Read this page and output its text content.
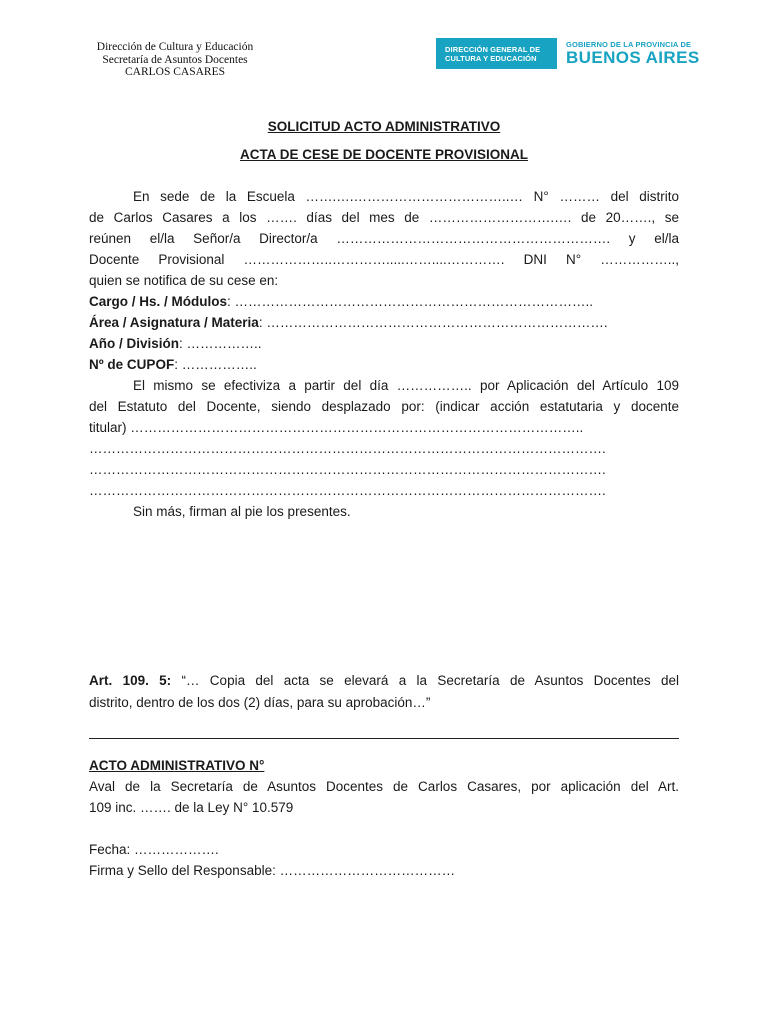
Dirección de Cultura y Educación
Secretaría de Asuntos Docentes
CARLOS CASARES
DIRECCIÓN GENERAL DE
CULTURA Y EDUCACIÓN
GOBIERNO DE LA PROVINCIA DE
BUENOS AIRES
SOLICITUD ACTO ADMINISTRATIVO
ACTA DE CESE DE DOCENTE PROVISIONAL
En sede de la Escuela …….….……………………………..… N° ……… del distrito
de Carlos Casares a los ……. días del mes de ……………………….…. de 20……., se
reúnen el/la Señor/a Director/a ……………………………………………………. y el/la
Docente Provisional ………………..………….....……....…………. DNI N° ……………..,
quien se notifica de su cese en:
Cargo / Hs. / Módulos: ……………………………………………………………………..
Área / Asignatura / Materia: ………………………………………………………………….
Año / División: ……………..
Nº de CUPOF: ……………..
El mismo se efectiviza a partir del día …………….. por Aplicación del Artículo 109
del Estatuto del Docente, siendo desplazado por: (indicar acción estatutaria y docente
titular) ………………………………………………………………………………………..
…………………………………………………………………………………………………….
…………………………………………………………………………………………………….
…………………………………………………………………………………………………….
Sin más, firman al pie los presentes.
Art. 109. 5: “… Copia del acta se elevará a la Secretaría de Asuntos Docentes del
distrito, dentro de los dos (2) días, para su aprobación…”
ACTO ADMINISTRATIVO N°
Aval de la Secretaría de Asuntos Docentes de Carlos Casares, por aplicación del Art.
109 inc. ……. de la Ley N° 10.579
Fecha: ……………….
Firma y Sello del Responsable: …………………………………
